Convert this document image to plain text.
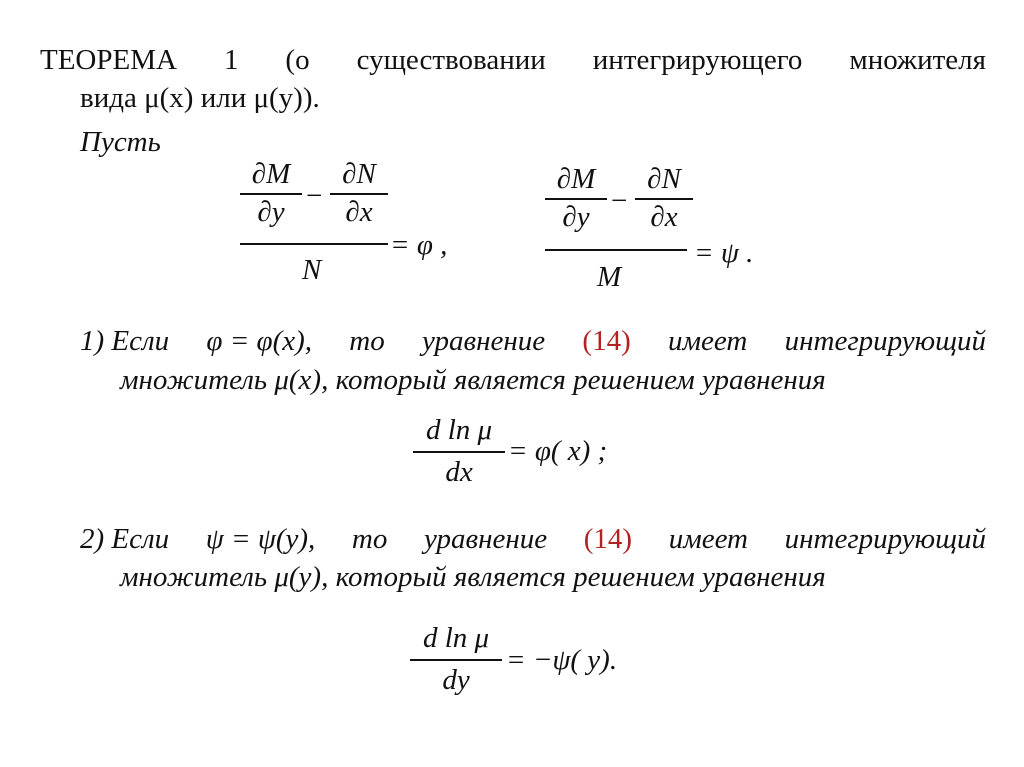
ТЕОРЕМА 1 (о существовании интегрирующего множителя
вида μ(x) или μ(y)).
Пусть
∂M
∂y −
∂N
∂x
N
= φ ,
∂M
∂y −
∂N
∂x
M
= ψ .
1) Если φ = φ(x), то уравнение (14) имеет интегрирующий
множитель μ(x), который является решением уравнения
d ln μ
dx
= φ( x) ;
2) Если ψ = ψ(y), то уравнение (14) имеет интегрирующий
множитель μ(y), который является решением уравнения
d ln μ
dy
= −ψ( y).
